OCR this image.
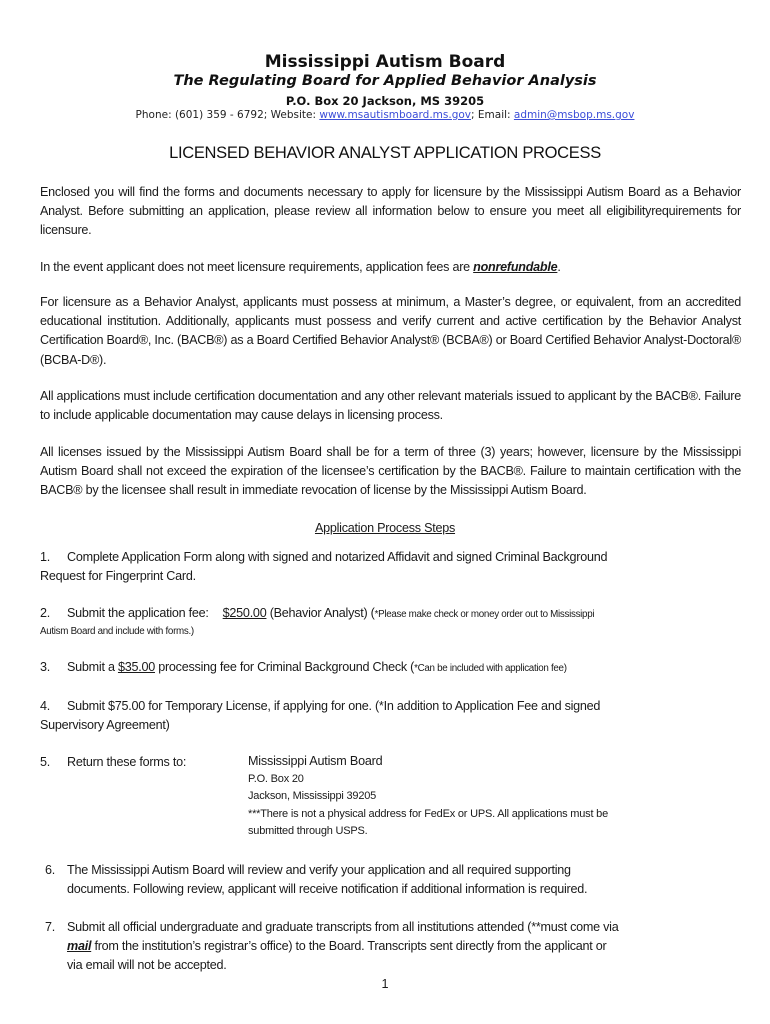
Mississippi Autism Board
The Regulating Board for Applied Behavior Analysis
P.O. Box 20 Jackson, MS 39205
Phone: (601) 359 - 6792; Website: www.msautismboard.ms.gov; Email: admin@msbop.ms.gov
LICENSED BEHAVIOR ANALYST APPLICATION PROCESS
Enclosed you will find the forms and documents necessary to apply for licensure by the Mississippi Autism Board as a Behavior Analyst. Before submitting an application, please review all information below to ensure you meet all eligibilityrequirements for licensure.
In the event applicant does not meet licensure requirements, application fees are nonrefundable.
For licensure as a Behavior Analyst, applicants must possess at minimum, a Master’s degree, or equivalent, from an accredited educational institution. Additionally, applicants must possess and verify current and active certification by the Behavior Analyst Certification Board®, Inc. (BACB®) as a Board Certified Behavior Analyst® (BCBA®) or Board Certified Behavior Analyst-Doctoral® (BCBA-D®).
All applications must include certification documentation and any other relevant materials issued to applicant by the BACB®. Failure to include applicable documentation may cause delays in licensing process.
All licenses issued by the Mississippi Autism Board shall be for a term of three (3) years; however, licensure by the Mississippi Autism Board shall not exceed the expiration of the licensee’s certification by the BACB®. Failure to maintain certification with the BACB® by the licensee shall result in immediate revocation of license by the Mississippi Autism Board.
Application Process Steps
1. Complete Application Form along with signed and notarized Affidavit and signed Criminal Background
Request for Fingerprint Card.
2. Submit the application fee: $250.00 (Behavior Analyst) (*Please make check or money order out to Mississippi
Autism Board and include with forms.)
3. Submit a $35.00 processing fee for Criminal Background Check (*Can be included with application fee)
4. Submit $75.00 for Temporary License, if applying for one. (*In addition to Application Fee and signed
Supervisory Agreement)
5. Return these forms to:	Mississippi Autism Board
P.O. Box 20
Jackson, Mississippi 39205
***There is not a physical address for FedEx or UPS. All applications must be
submitted through USPS.
6. The Mississippi Autism Board will review and verify your application and all required supporting
documents. Following review, applicant will receive notification if additional information is required.
7. Submit all official undergraduate and graduate transcripts from all institutions attended (**must come via
mail from the institution’s registrar’s office) to the Board. Transcripts sent directly from the applicant or
via email will not be accepted.
1
